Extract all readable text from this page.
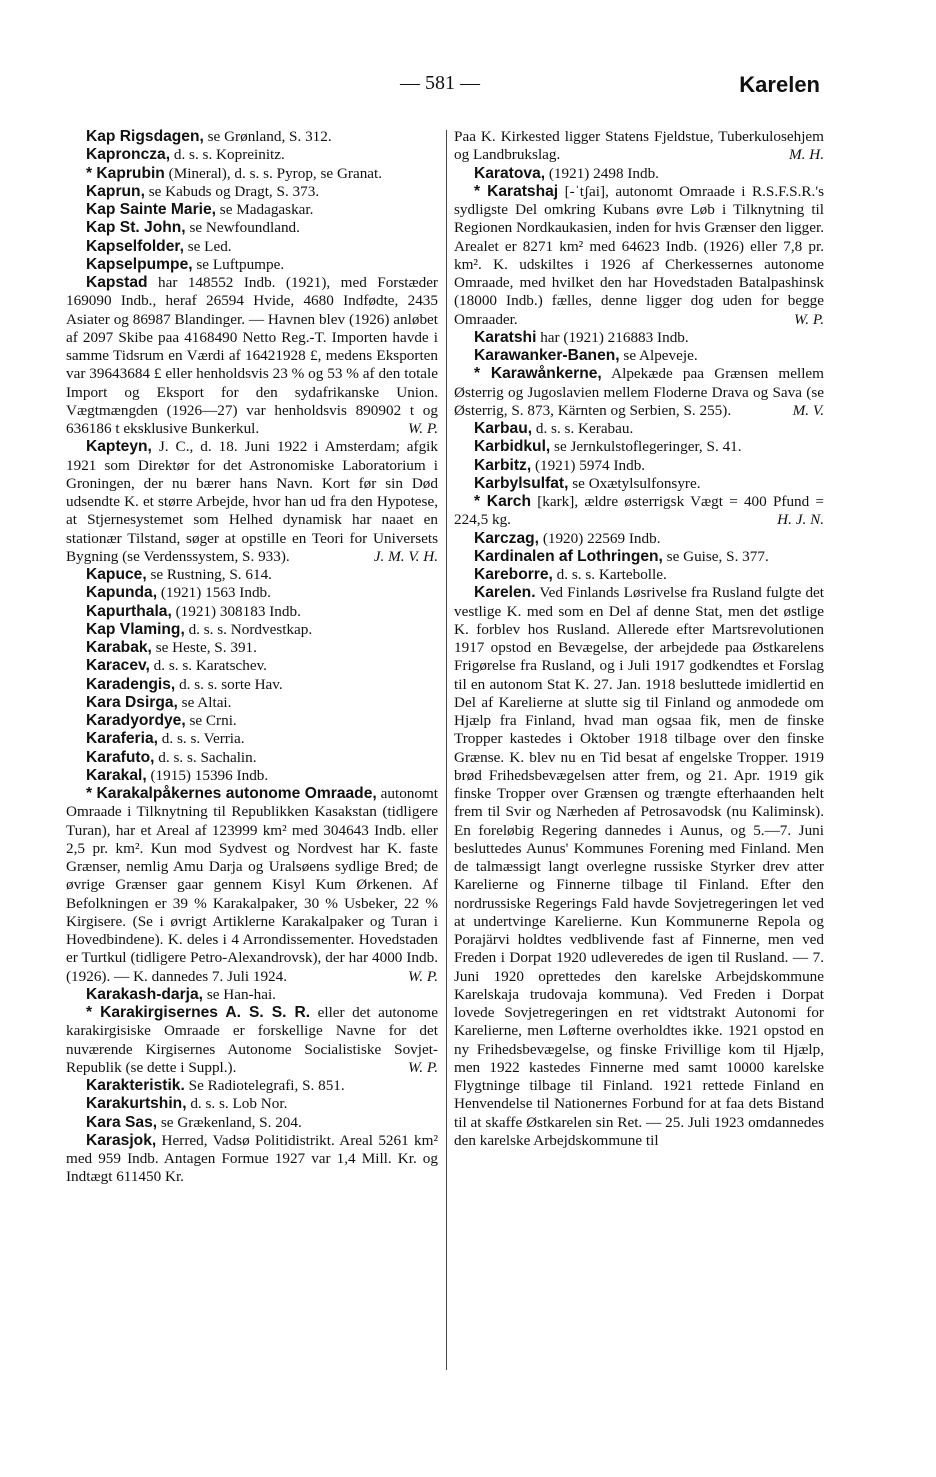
— 581 —	Karelen

Kap Rigsdagen, se Grønland, S. 312.

Kaproncza, d. s. s. Kopreinitz.

* Kaprubin (Mineral), d. s. s. Pyrop, se Granat.

Kaprun, se Kabuds og Dragt, S. 373.

Kap Sainte Marie, se Madagaskar.

Kap St. John, se Newfoundland.

Kapselfolder, se Led.

Kapselpumpe, se Luftpumpe.

Kapstad har 148552 Indb. (1921), med Forstæder 169090 Indb., heraf 26594 Hvide, 4680 Indfødte, 2435 Asiater og 86987 Blandinger. — Havnen blev (1926) anløbet af 2097 Skibe paa 4168490 Netto Reg.-T. Importen havde i samme Tidsrum en Værdi af 16421928 £, medens Eksporten var 39643684 £ eller henholdsvis 23 % og 53 % af den totale Import og Eksport for den sydafrikanske Union. Vægtmængden (1926—27) var henholdsvis 890902 t og 636186 t eksklusive Bunkerkul.	W. P.

Kapteyn, J. C., d. 18. Juni 1922 i Amsterdam; afgik 1921 som Direktør for det Astronomiske Laboratorium i Groningen, der nu bærer hans Navn. Kort før sin Død udsendte K. et større Arbejde, hvor han ud fra den Hypotese, at Stjernesystemet som Helhed dynamisk har naaet en stationær Tilstand, søger at opstille en Teori for Universets Bygning (se Verdenssystem, S. 933).	J. M. V. H.

Kapuce, se Rustning, S. 614.

Kapunda, (1921) 1563 Indb.

Kapurthala, (1921) 308183 Indb.

Kap Vlaming, d. s. s. Nordvestkap.

Karabak, se Heste, S. 391.

Karacev, d. s. s. Karatschev.

Karadengis, d. s. s. sorte Hav.

Kara Dsirga, se Altai.

Karadyordye, se Crni.

Karaferia, d. s. s. Verria.

Karafuto, d. s. s. Sachalin.

Karakal, (1915) 15396 Indb.

* Karakalpåkernes autonome Omraade, autonomt Omraade i Tilknytning til Republikken Kasakstan (tidligere Turan), har et Areal af 123999 km² med 304643 Indb. eller 2,5 pr. km². Kun mod Sydvest og Nordvest har K. faste Grænser, nemlig Amu Darja og Uralsøens sydlige Bred; de øvrige Grænser gaar gennem Kisyl Kum Ørkenen. Af Befolkningen er 39 % Karakalpaker, 30 % Usbeker, 22 % Kirgisere. (Se i øvrigt Artiklerne Karakalpaker og Turan i Hovedbindene). K. deles i 4 Arrondissementer. Hovedstaden er Turtkul (tidligere Petro-Alexandrovsk), der har 4000 Indb. (1926). — K. dannedes 7. Juli 1924.	W. P.

Karakash-darja, se Han-hai.

* Karakirgisernes A. S. S. R. eller det autonome karakirgisiske Omraade er forskellige Navne for det nuværende Kirgisernes Autonome Socialistiske Sovjet-Republik (se dette i Suppl.).	W. P.

Karakteristik. Se Radiotelegrafi, S. 851.

Karakurtshin, d. s. s. Lob Nor.

Kara Sas, se Grækenland, S. 204.

Karasjok, Herred, Vadsø Politidistrikt. Areal 5261 km² med 959 Indb. Antagen Formue 1927 var 1,4 Mill. Kr. og Indtægt 611450 Kr.

Paa K. Kirkested ligger Statens Fjeldstue, Tuberkulosehjem og Landbrukslag.	M. H.

Karatova, (1921) 2498 Indb.

* Karatshaj [-ˈtʃai], autonomt Omraade i R.S.F.S.R.'s sydligste Del omkring Kubans øvre Løb i Tilknytning til Regionen Nordkaukasien, inden for hvis Grænser den ligger. Arealet er 8271 km² med 64623 Indb. (1926) eller 7,8 pr. km². K. udskiltes i 1926 af Cherkessernes autonome Omraade, med hvilket den har Hovedstaden Batalpashinsk (18000 Indb.) fælles, denne ligger dog uden for begge Omraader.	W. P.

Karatshi har (1921) 216883 Indb.

Karawanker-Banen, se Alpeveje.

* Karawånkerne, Alpekæde paa Grænsen mellem Østerrig og Jugoslavien mellem Floderne Drava og Sava (se Østerrig, S. 873, Kärnten og Serbien, S. 255).	M. V.

Karbau, d. s. s. Kerabau.

Karbidkul, se Jernkulstoflegeringer, S. 41.

Karbitz, (1921) 5974 Indb.

Karbylsulfat, se Oxætylsulfonsyre.

* Karch [kark], ældre østerrigsk Vægt = 400 Pfund = 224,5 kg.	H. J. N.

Karczag, (1920) 22569 Indb.

Kardinalen af Lothringen, se Guise, S. 377.

Kareborre, d. s. s. Kartebolle.

Karelen. Ved Finlands Løsrivelse fra Rusland fulgte det vestlige K. med som en Del af denne Stat, men det østlige K. forblev hos Rusland. Allerede efter Martsrevolutionen 1917 opstod en Bevægelse, der arbejdede paa Østkarelens Frigørelse fra Rusland, og i Juli 1917 godkendtes et Forslag til en autonom Stat K. 27. Jan. 1918 besluttede imidlertid en Del af Karelierne at slutte sig til Finland og anmodede om Hjælp fra Finland, hvad man ogsaa fik, men de finske Tropper kastedes i Oktober 1918 tilbage over den finske Grænse. K. blev nu en Tid besat af engelske Tropper. 1919 brød Frihedsbevægelsen atter frem, og 21. Apr. 1919 gik finske Tropper over Grænsen og trængte efterhaanden helt frem til Svir og Nærheden af Petrosavodsk (nu Kaliminsk). En foreløbig Regering dannedes i Aunus, og 5.—7. Juni besluttedes Aunus' Kommunes Forening med Finland. Men de talmæssigt langt overlegne russiske Styrker drev atter Karelierne og Finnerne tilbage til Finland. Efter den nordrussiske Regerings Fald havde Sovjetregeringen let ved at undertvinge Karelierne. Kun Kommunerne Repola og Porajärvi holdtes vedblivende fast af Finnerne, men ved Freden i Dorpat 1920 udleveredes de igen til Rusland. — 7. Juni 1920 oprettedes den karelske Arbejdskommune Karelskaja trudovaja kommuna). Ved Freden i Dorpat lovede Sovjetregeringen en ret vidtstrakt Autonomi for Karelierne, men Løfterne overholdtes ikke. 1921 opstod en ny Frihedsbevægelse, og finske Frivillige kom til Hjælp, men 1922 kastedes Finnerne med samt 10000 karelske Flygtninge tilbage til Finland. 1921 rettede Finland en Henvendelse til Nationernes Forbund for at faa dets Bistand til at skaffe Østkarelen sin Ret. — 25. Juli 1923 omdannedes den karelske Arbejdskommune til
